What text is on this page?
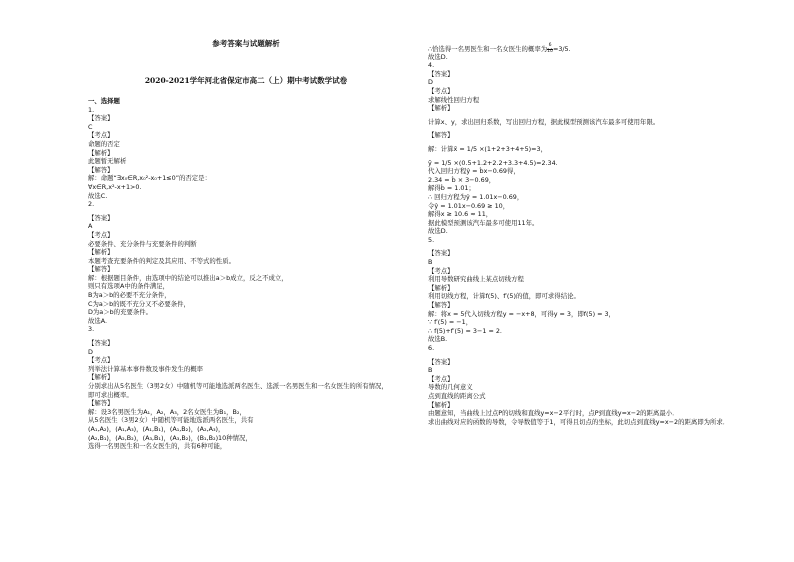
参考答案与试题解析
2020-2021学年河北省保定市高二（上）期中考试数学试卷
一、选择题
1.
【答案】
C
【考点】
命题的否定
【解析】
此题暂无解析
【解答】
解：命题“∃x₀∈R,x₀²-x₀+1≤0”的否定是：
∀x∈R,x²-x+1>0.
故选C.
2.
【答案】
A
【考点】
必要条件、充分条件与充要条件的判断
【解析】
本题考查充要条件的判定及其应用、不等式的性质。
【解答】
解：根据题目条件，由选项中的结论可以推出a＞b成立，反之不成立，
则只有选项A中的条件满足，
B为a＞b的必要不充分条件，
C为a＞b的既不充分又不必要条件，
D为a＞b的充要条件。
故选A.
3.
【答案】
D
【考点】
列举法计算基本事件数及事件发生的概率
【解析】
分别求出从5名医生（3男2女）中随机等可能地选派两名医生、选派一名男医生和一名女医生的所有情况，
即可求出概率。
【解答】
解：设3名男医生为A₁，A₂，A₃，2名女医生为B₁，B₂，
从5名医生（3男2女）中随机等可能地选派两名医生，共有
(A₁,A₂)，(A₁,A₃)，(A₁,B₁)，(A₁,B₂)，(A₂,A₃)，
(A₂,B₁)，(A₂,B₂)，(A₃,B₁)，(A₃,B₂)，(B₁,B₂)10种情况，
选得一名男医生和一名女医生的，共有6种可能，
∴恰选得一名男医生和一名女医生的概率为 $\frac{6}{10} =3/5$.
故选D.
4.
【答案】
D
【考点】
求解线性回归方程
【解析】
计算x、y，求出回归系数，写出回归方程，据此模型预测该汽车最多可使用年限。
【解答】
解：计算x̄ = 1/5 ×(1+2+3+4+5)=3，
ȳ = 1/5 ×(0.5+1.2+2.2+3.3+4.5)=2.34.
代入回归方程ŷ = b̂x−0.69得，
2.34 = b̂ × 3−0.69，
解得b̂ = 1.01；
∴ 回归方程为ŷ = 1.01x−0.69，
令ŷ = 1.01x−0.69 ≥ 10，
解得x ≥ 10.6 ≈ 11，
据此模型预测该汽车最多可使用11年。
故选D.
5.
【答案】
B
【考点】
利用导数研究曲线上某点切线方程
【解析】
利用切线方程，计算f(5)、f′(5)的值，即可求得结论。
【解答】
解：将x = 5代入切线方程y = −x+8，可得y = 3，即f(5) = 3，
∵ f′(5) = −1，
∴ f(5)+f′(5) = 3−1 = 2.
故选B.
6.
【答案】
B
【考点】
导数的几何意义
点到直线的距离公式
【解析】
由题意知，当曲线上过点P的切线和直线y=x−2平行时，点P到直线y=x−2的距离最小．
求出曲线对应的函数的导数，令导数值等于1，可得且切点的坐标，此切点到直线y=x−2的距离即为所求．
